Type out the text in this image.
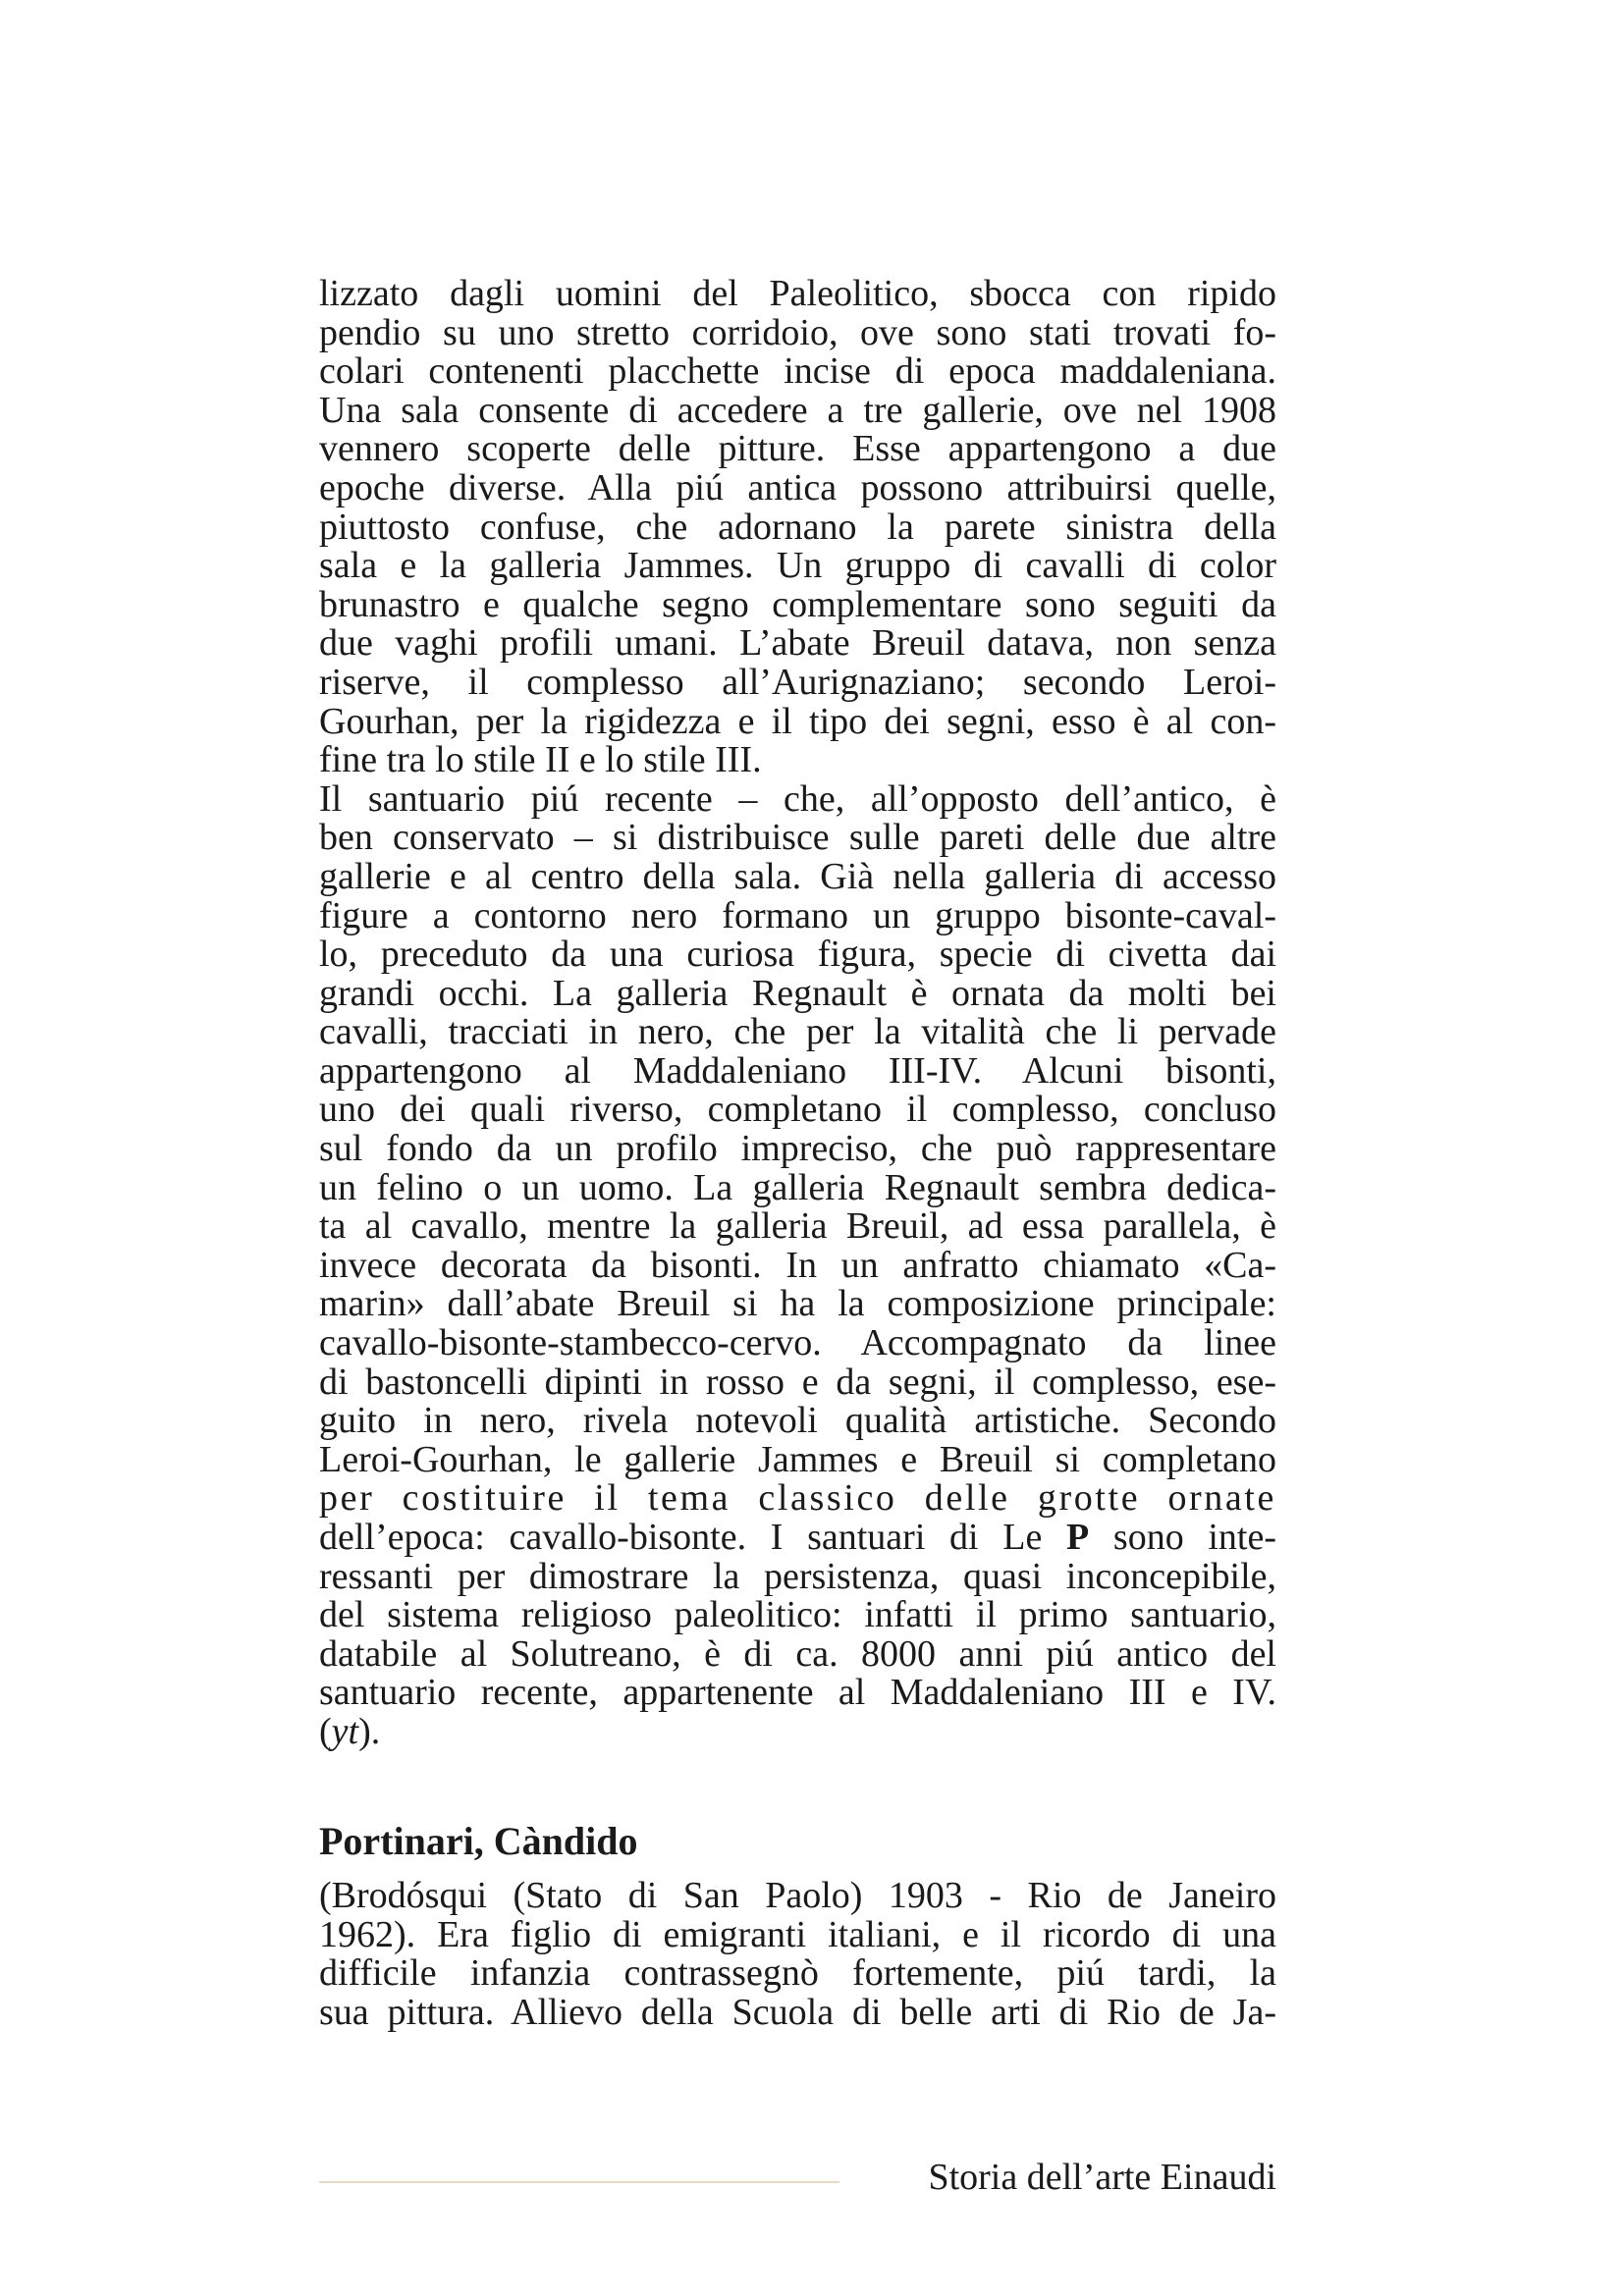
lizzato dagli uomini del Paleolitico, sbocca con ripido
pendio su uno stretto corridoio, ove sono stati trovati fo-
colari contenenti placchette incise di epoca maddaleniana.
Una sala consente di accedere a tre gallerie, ove nel 1908
vennero scoperte delle pitture. Esse appartengono a due
epoche diverse. Alla piú antica possono attribuirsi quelle,
piuttosto confuse, che adornano la parete sinistra della
sala e la galleria Jammes. Un gruppo di cavalli di color
brunastro e qualche segno complementare sono seguiti da
due vaghi profili umani. L’abate Breuil datava, non senza
riserve, il complesso all’Aurignaziano; secondo Leroi-
Gourhan, per la rigidezza e il tipo dei segni, esso è al con-
fine tra lo stile II e lo stile III.
Il santuario piú recente – che, all’opposto dell’antico, è
ben conservato – si distribuisce sulle pareti delle due altre
gallerie e al centro della sala. Già nella galleria di accesso
figure a contorno nero formano un gruppo bisonte-caval-
lo, preceduto da una curiosa figura, specie di civetta dai
grandi occhi. La galleria Regnault è ornata da molti bei
cavalli, tracciati in nero, che per la vitalità che li pervade
appartengono al Maddaleniano III-IV. Alcuni bisonti,
uno dei quali riverso, completano il complesso, concluso
sul fondo da un profilo impreciso, che può rappresentare
un felino o un uomo. La galleria Regnault sembra dedica-
ta al cavallo, mentre la galleria Breuil, ad essa parallela, è
invece decorata da bisonti. In un anfratto chiamato «Ca-
marin» dall’abate Breuil si ha la composizione principale:
cavallo-bisonte-stambecco-cervo. Accompagnato da linee
di bastoncelli dipinti in rosso e da segni, il complesso, ese-
guito in nero, rivela notevoli qualità artistiche. Secondo
Leroi-Gourhan, le gallerie Jammes e Breuil si completano
per costituire il tema classico delle grotte ornate
dell’epoca: cavallo-bisonte. I santuari di Le P sono inte-
ressanti per dimostrare la persistenza, quasi inconcepibile,
del sistema religioso paleolitico: infatti il primo santuario,
databile al Solutreano, è di ca. 8000 anni piú antico del
santuario recente, appartenente al Maddaleniano III e IV.
(yt).
Portinari, Càndido
(Brodósqui (Stato di San Paolo) 1903 - Rio de Janeiro
1962). Era figlio di emigranti italiani, e il ricordo di una
difficile infanzia contrassegnò fortemente, piú tardi, la
sua pittura. Allievo della Scuola di belle arti di Rio de Ja-
Storia dell’arte Einaudi
